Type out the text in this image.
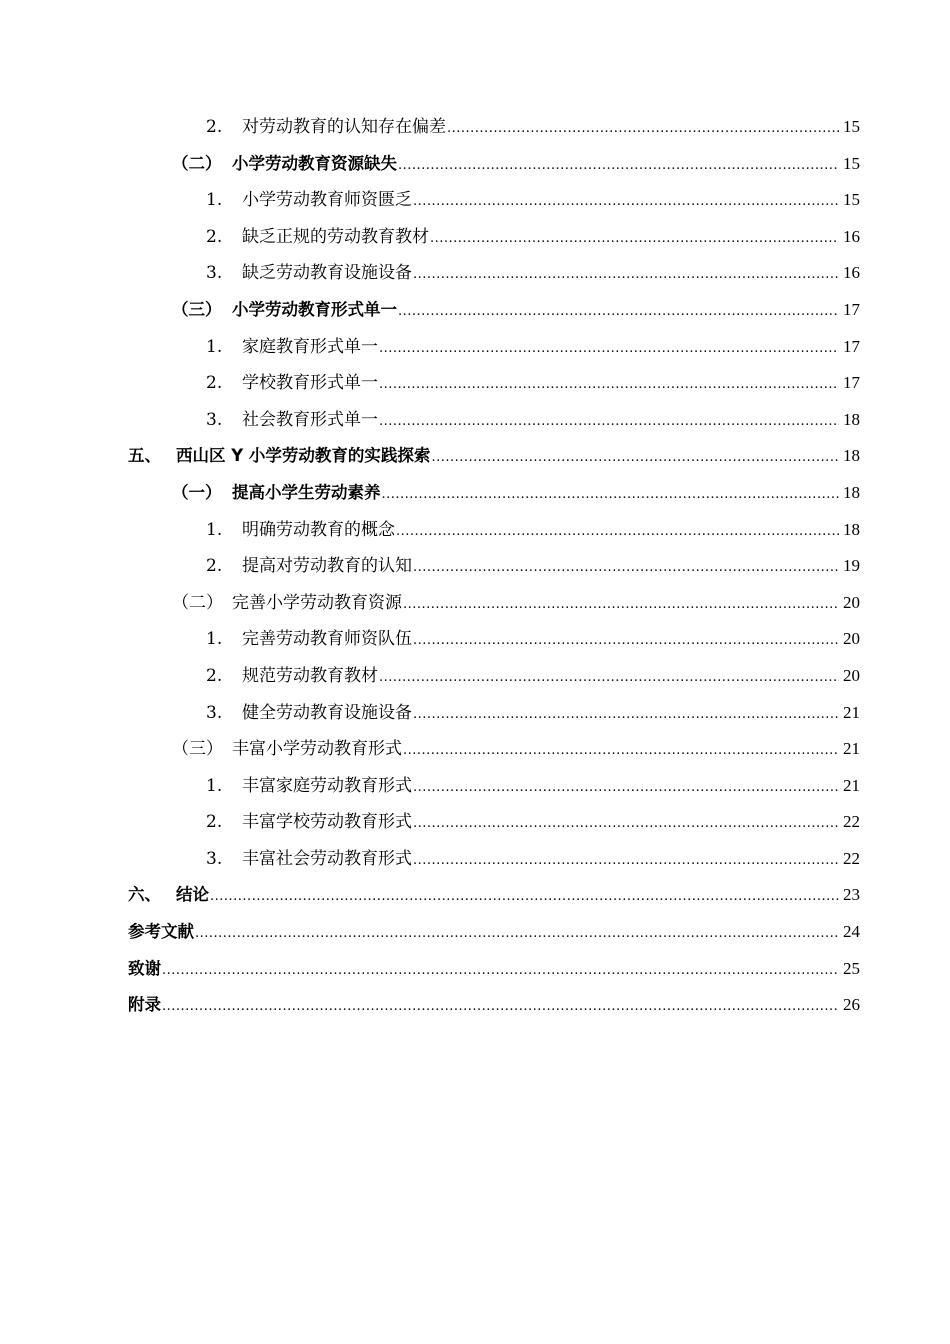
2.	对劳动教育的认知存在偏差 .....	15
（二） 小学劳动教育资源缺失 .....	15
1.	小学劳动教育师资匮乏 .....	15
2.	缺乏正规的劳动教育教材 .....	16
3.	缺乏劳动教育设施设备 .....	16
（三） 小学劳动教育形式单一 .....	17
1.	家庭教育形式单一 .....	17
2.	学校教育形式单一 .....	17
3.	社会教育形式单一 .....	18
五、 西山区 Y 小学劳动教育的实践探索 .....	18
（一） 提高小学生劳动素养 .....	18
1.	明确劳动教育的概念 .....	18
2.	提高对劳动教育的认知 .....	19
（二） 完善小学劳动教育资源 .....	20
1.	完善劳动教育师资队伍 .....	20
2.	规范劳动教育教材 .....	20
3.	健全劳动教育设施设备 .....	21
（三） 丰富小学劳动教育形式 .....	21
1.	丰富家庭劳动教育形式 .....	21
2.	丰富学校劳动教育形式 .....	22
3.	丰富社会劳动教育形式 .....	22
六、 结论 .....	23
参考文献 .....	24
致谢 .....	25
附录 .....	26
